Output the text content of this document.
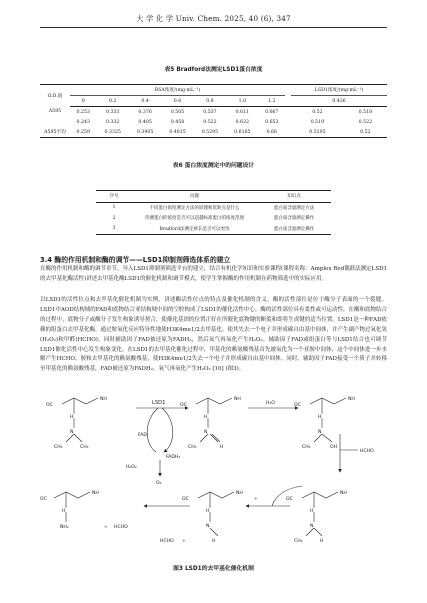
大 学 化 学 Univ. Chem. 2025, 40 (6), 347
表5 Bradford法测定LSD1蛋白浓度
O.D.值	BSA浓度/(mg·mL⁻¹)								LSD1浓度/(mg·mL⁻¹)	
	0	0.2	0.4	0.6	0.8	1.0	1.2		0.436	
A595	0.253	0.333	0.376	0.505	0.537	0.611	0.667		0.52	0.518
	0.243	0.332	0.405	0.458	0.522	0.622	0.653		0.519	0.522
A595平均	0.259	0.3325	0.3905	0.4815	0.5295	0.6165	0.66		0.5195	0.52
表6 蛋白浓度测定中的问题设计
序号	问题	知识点
1	不同蛋白浓度测定方法的原理和优缺点是什么	蛋白质含量测定方法
2	待测蛋白的浓度是否可以超越标准蛋白的浓度范围	蛋白质含量测定操作
3	Bradford法测定被长是否可以更改	蛋白质含量测定操作
3.4 酶的作用机制和酶的调节——LSD1抑制剂筛选体系的建立

在酶的作用机制和酶的调节章节，导入LSD1抑制剂筛选平台的建立，结合有机化学知识和实验课程(课程名称：Amplex Red偶联法测定LSD1的去甲基化酶活性)讲述去甲基化酶LSD1的催化机制和调节模式，使学生掌握酶的作用机制在药物筛选中的实际应用。

以LSD1的活性位点和去甲基化催化机制为实例，讲述酶活性位点的特点及催化机制的含义。酶的活性部位是位于酶分子表面的一个裂缝。LSD1中AOD结构域的FAD和底物结合亚结构域中间的空腔构成了LSD1的催化活性中心。酶的活性部位具有柔性或可运动性，在酶和底物结合的过程中，底物分子或酶分子发生构象诱导契合，使催化基团的位置正好在所催化底物键的断裂和即将生成键的适当位置。LSD1是一种FAD依赖的组蛋白去甲基化酶，通过胺氧化反应特异性地使H3K4me1/2去甲基化。使其失去一个电子并形成碳自由基中间体，并产生副产物过氧化氢(H₂O₂)和甲醛(HCHO)。同时辅助因子FAD被还原为FADH₂，然后氧气再氧化产生H₂O₂。辅助因子FAD或组蛋白等与LSD1结合也可调节LSD1催化活性中心发生构象变化。在LSD1的去甲基化催化过程中，甲基化的赖氨酸残基首先被氧化为一个亚胺中间体，这个中间体进一步水解产生HCHO、胺和去甲基化的赖氨酸残基，使H3K4me1/2失去一个电子并形成碳自由基中间体。同时，辅助因子FAD接受一个质子并转移至甲基化的赖氨酸残基，FAD被还原为FADH₂，氧气再氧化产生H₂O₂ [10] (图3)。

OC
NH
H
N
CH₃	CH₃
LSD1
FAD
FADH₂
O₂
H₂O₂
OC
NH
H
N
CH₃	H
H₂O	OC
NH
H
N
CH₃	OH
HCHO
OC
NH
H
N
CH₃	H
OC
NH
H
N
H
+
HCHO
+
OC
NH
H
NH₂	+ HCHO
图3 LSD1的去甲基化催化机制
